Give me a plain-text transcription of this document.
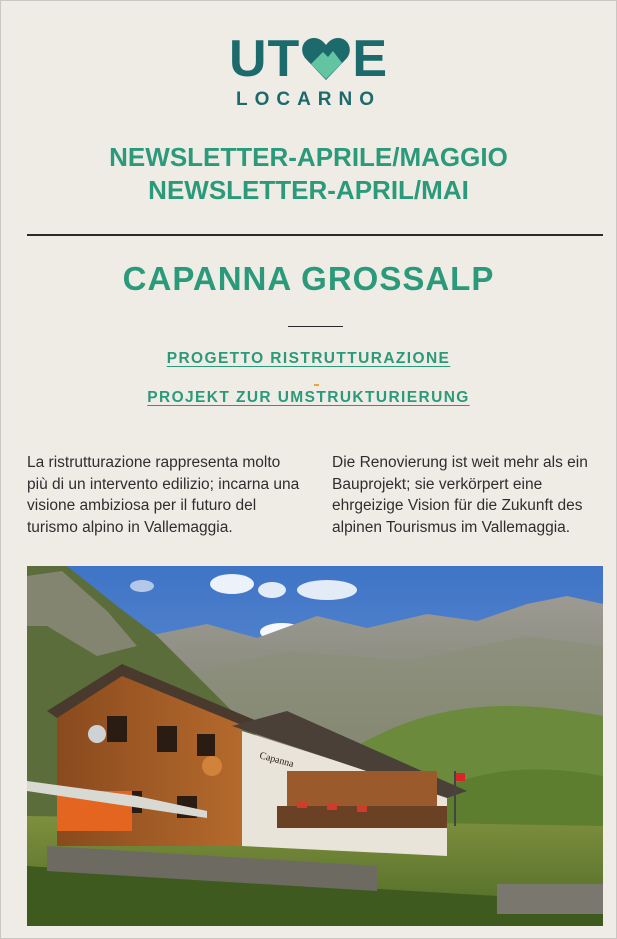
UT E
LOCARNO
NEWSLETTER-APRILE/MAGGIO
NEWSLETTER-APRIL/MAI
CAPANNA GROSSALP
PROGETTO RISTRUTTURAZIONE
PROJEKT ZUR UMSTRUKTURIERUNG
La ristrutturazione rappresenta molto più di un intervento edilizio; incarna una visione ambiziosa per il futuro del turismo alpino in Vallemaggia.
Die Renovierung ist weit mehr als ein Bauprojekt; sie verkörpert eine ehrgeizige Vision für die Zukunft des alpinen Tourismus im Vallemaggia.
Capanna
